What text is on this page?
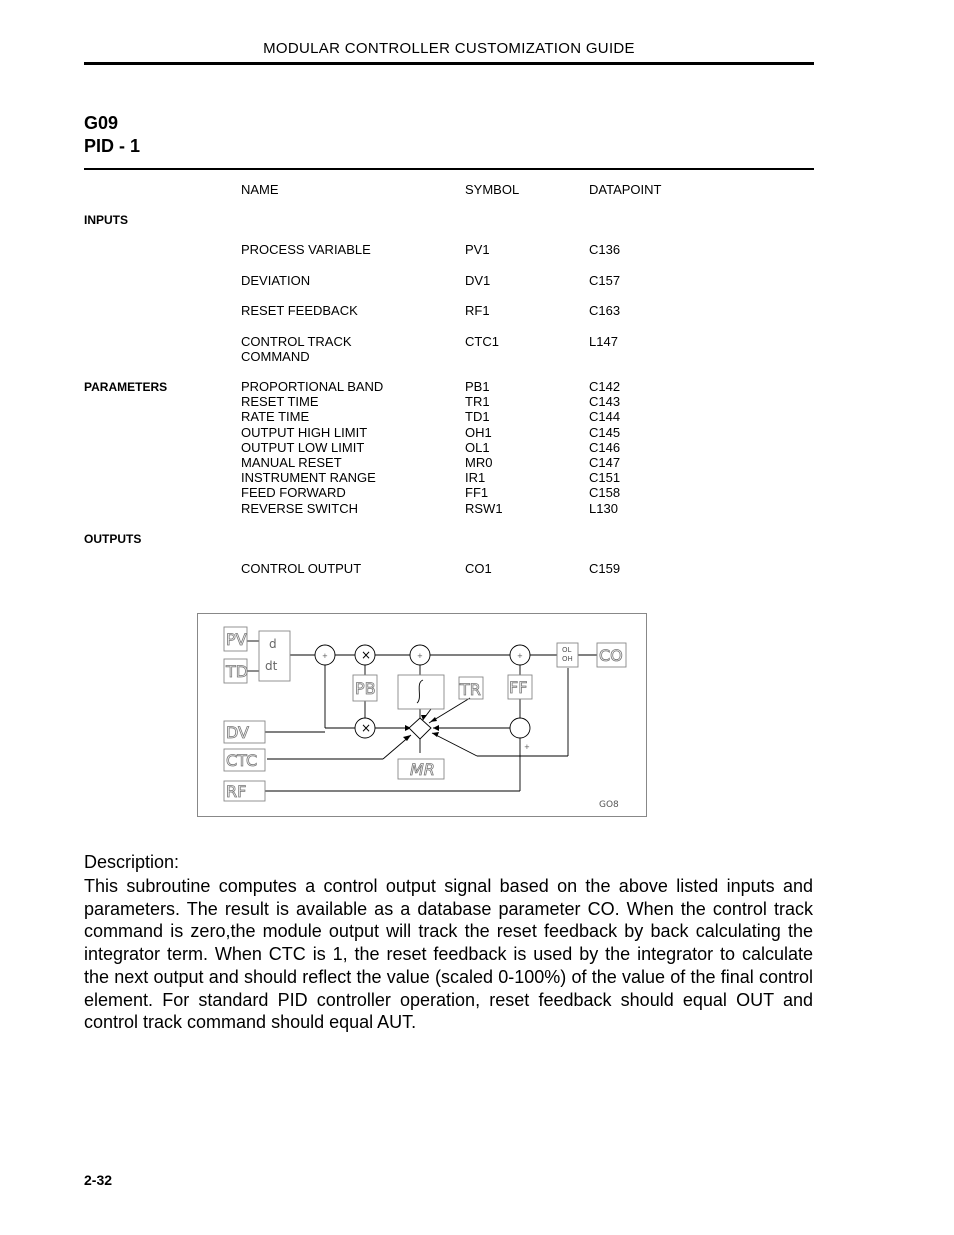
MODULAR CONTROLLER CUSTOMIZATION GUIDE
G09
PID - 1
NAME	SYMBOL	DATAPOINT
INPUTS
PROCESS VARIABLE	PV1	C136
DEVIATION	DV1	C157
RESET FEEDBACK	RF1	C163
CONTROL TRACK
COMMAND
CTC1	L147
PARAMETERS	PROPORTIONAL BAND	PB1	C142
RESET TIME	TR1	C143
RATE TIME	TD1	C144
OUTPUT HIGH LIMIT	OH1	C145
OUTPUT LOW LIMIT	OL1	C146
MANUAL RESET	MR0	C147
INSTRUMENT RANGE	IR1	C151
FEED FORWARD	FF1	C158
REVERSE SWITCH	RSW1	L130
OUTPUTS
CONTROL OUTPUT	CO1	C159
PV
TD
PB	TR FF
DV
CTC
RF
MR
CO
d
dt
OL
OH
+	+	+
+
GO8
×
×
Description:
This subroutine computes a control output signal based on the above listed inputs and parameters. The result is available as a database parameter CO. When the control track command is zero,the module output will track the reset feedback by back calculating the integrator term. When CTC is 1, the reset feedback is used by the integrator to calculate the next output and should reflect the value (scaled 0-100%) of the value of the final control element. For standard PID controller operation, reset feedback should equal OUT and control track command should equal AUT.
2-32
